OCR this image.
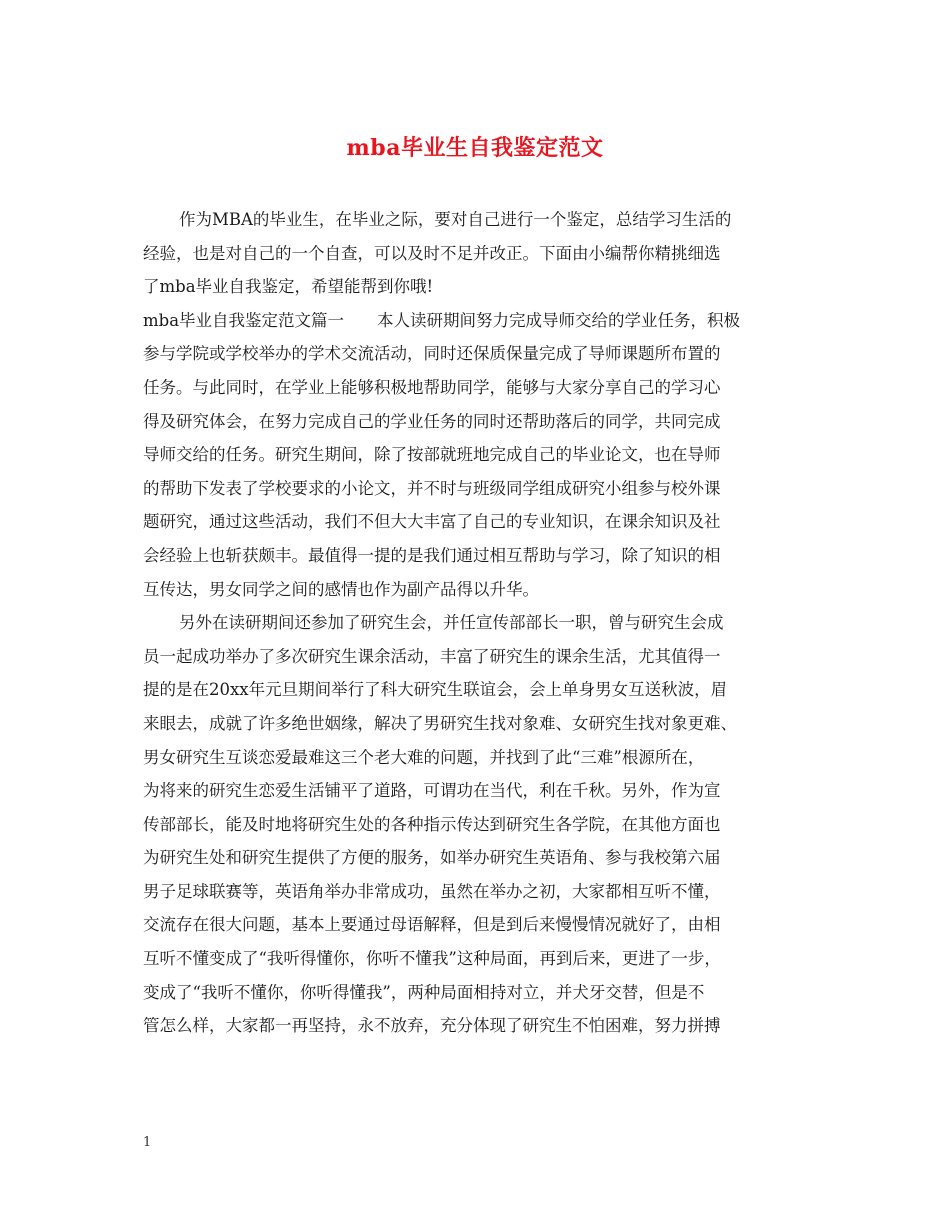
mba毕业生自我鉴定范文
作为MBA的毕业生，在毕业之际，要对自己进行一个鉴定，总结学习生活的
经验，也是对自己的一个自查，可以及时不足并改正。下面由小编帮你精挑细选
了mba毕业自我鉴定，希望能帮到你哦!
mba毕业自我鉴定范文篇一　　本人读研期间努力完成导师交给的学业任务，积极
参与学院或学校举办的学术交流活动，同时还保质保量完成了导师课题所布置的
任务。与此同时，在学业上能够积极地帮助同学，能够与大家分享自己的学习心
得及研究体会，在努力完成自己的学业任务的同时还帮助落后的同学，共同完成
导师交给的任务。研究生期间，除了按部就班地完成自己的毕业论文，也在导师
的帮助下发表了学校要求的小论文，并不时与班级同学组成研究小组参与校外课
题研究，通过这些活动，我们不但大大丰富了自己的专业知识，在课余知识及社
会经验上也斩获颇丰。最值得一提的是我们通过相互帮助与学习，除了知识的相
互传达，男女同学之间的感情也作为副产品得以升华。
另外在读研期间还参加了研究生会，并任宣传部部长一职，曾与研究生会成
员一起成功举办了多次研究生课余活动，丰富了研究生的课余生活，尤其值得一
提的是在20xx年元旦期间举行了科大研究生联谊会，会上单身男女互送秋波，眉
来眼去，成就了许多绝世姻缘，解决了男研究生找对象难、女研究生找对象更难、
男女研究生互谈恋爱最难这三个老大难的问题，并找到了此“三难”根源所在，
为将来的研究生恋爱生活铺平了道路，可谓功在当代，利在千秋。另外，作为宣
传部部长，能及时地将研究生处的各种指示传达到研究生各学院，在其他方面也
为研究生处和研究生提供了方便的服务，如举办研究生英语角、参与我校第六届
男子足球联赛等，英语角举办非常成功，虽然在举办之初，大家都相互听不懂，
交流存在很大问题，基本上要通过母语解释，但是到后来慢慢情况就好了，由相
互听不懂变成了“我听得懂你，你听不懂我”这种局面，再到后来，更进了一步，
变成了“我听不懂你，你听得懂我”，两种局面相持对立，并犬牙交替，但是不
管怎么样，大家都一再坚持，永不放弃，充分体现了研究生不怕困难，努力拼搏
1
